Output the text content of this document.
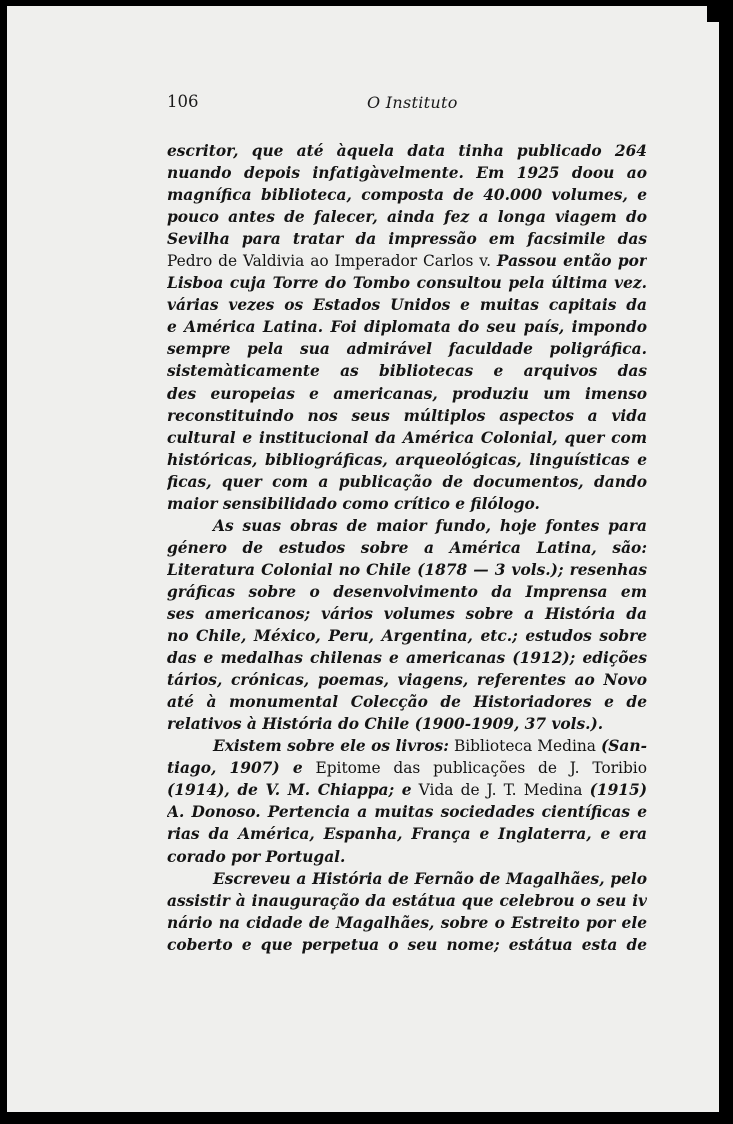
106	O Instituto
escritor, que até àquela data tinha publicado 264
nuando depois infatigàvelmente. Em 1925 doou ao
magnífica biblioteca, composta de 40.000 volumes, e
pouco antes de falecer, ainda fez a longa viagem do
Sevilha para tratar da impressão em facsimile das
Pedro de Valdivia ao Imperador Carlos v. Passou então por
Lisboa cuja Torre do Tombo consultou pela última vez.
várias vezes os Estados Unidos e muitas capitais da
e América Latina. Foi diplomata do seu país, impondo
sempre pela sua admirável faculdade poligráfica.
sistemàticamente as bibliotecas e arquivos das
des europeias e americanas, produziu um imenso
reconstituindo nos seus múltiplos aspectos a vida
cultural e institucional da América Colonial, quer com
históricas, bibliográficas, arqueológicas, linguísticas e
ficas, quer com a publicação de documentos, dando
maior sensibilidado como crítico e filólogo.
As suas obras de maior fundo, hoje fontes para
género de estudos sobre a América Latina, são:
Literatura Colonial no Chile (1878 — 3 vols.); resenhas
gráficas sobre o desenvolvimento da Imprensa em
ses americanos; vários volumes sobre a História da
no Chile, México, Peru, Argentina, etc.; estudos sobre
das e medalhas chilenas e americanas (1912); edições
tários, crónicas, poemas, viagens, referentes ao Novo
até à monumental Colecção de Historiadores e de
relativos à História do Chile (1900-1909, 37 vols.).
Existem sobre ele os livros: Biblioteca Medina (San-
tiago, 1907) e Epitome das publicações de J. Toribio
(1914), de V. M. Chiappa; e Vida de J. T. Medina (1915)
A. Donoso. Pertencia a muitas sociedades científicas e
rias da América, Espanha, França e Inglaterra, e era
corado por Portugal.
Escreveu a História de Fernão de Magalhães, pelo
assistir à inauguração da estátua que celebrou o seu iv
nário na cidade de Magalhães, sobre o Estreito por ele
coberto e que perpetua o seu nome; estátua esta de
